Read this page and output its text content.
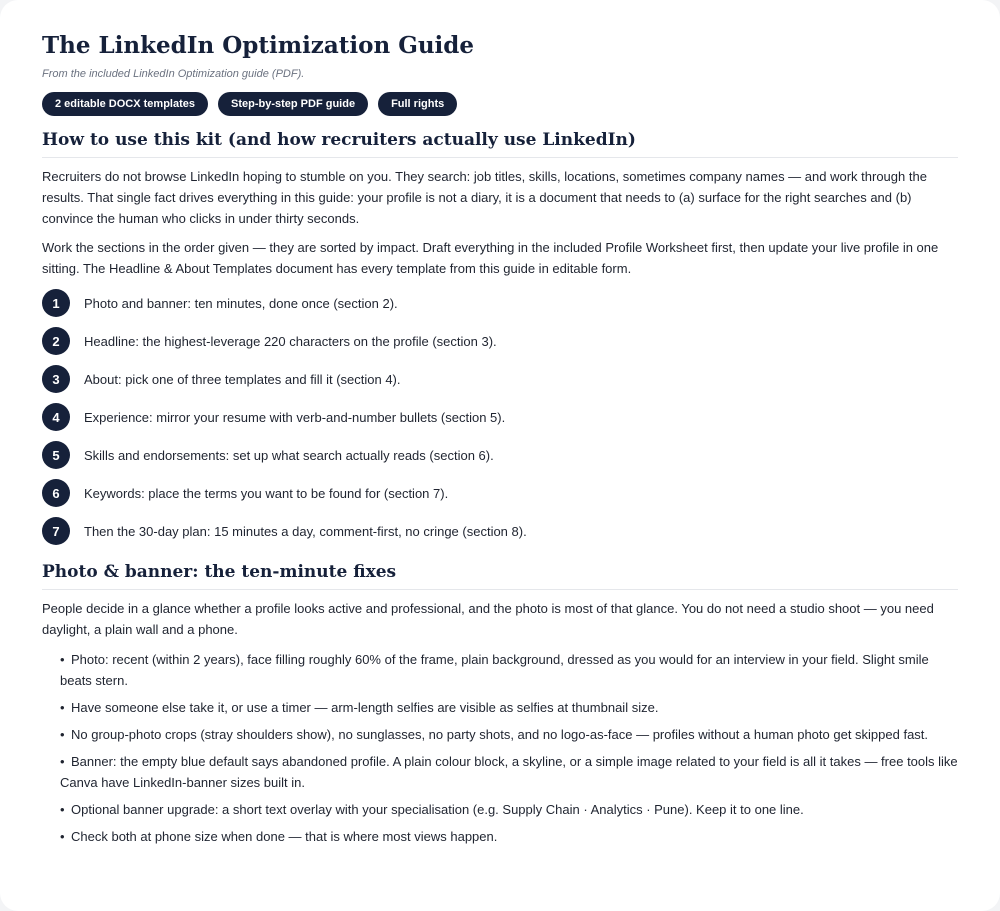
The LinkedIn Optimization Guide
From the included LinkedIn Optimization guide (PDF).
2 editable DOCX templates	Step-by-step PDF guide	Full rights
How to use this kit (and how recruiters actually use LinkedIn)

Recruiters do not browse LinkedIn hoping to stumble on you. They search: job titles, skills, locations, sometimes company names — and work through the results. That single fact drives everything in this guide: your profile is not a diary, it is a document that needs to (a) surface for the right searches and (b) convince the human who clicks in under thirty seconds.

Work the sections in the order given — they are sorted by impact. Draft everything in the included Profile Worksheet first, then update your live profile in one sitting. The Headline & About Templates document has every template from this guide in editable form.

1	Photo and banner: ten minutes, done once (section 2).
2	Headline: the highest-leverage 220 characters on the profile (section 3).
3	About: pick one of three templates and fill it (section 4).
4	Experience: mirror your resume with verb-and-number bullets (section 5).
5	Skills and endorsements: set up what search actually reads (section 6).
6	Keywords: place the terms you want to be found for (section 7).
7	Then the 30-day plan: 15 minutes a day, comment-first, no cringe (section 8).
Photo & banner: the ten-minute fixes

People decide in a glance whether a profile looks active and professional, and the photo is most of that glance. You do not need a studio shoot — you need daylight, a plain wall and a phone.

• Photo: recent (within 2 years), face filling roughly 60% of the frame, plain background, dressed as you would for an interview in your field. Slight smile beats stern.
• Have someone else take it, or use a timer — arm-length selfies are visible as selfies at thumbnail size.
• No group-photo crops (stray shoulders show), no sunglasses, no party shots, and no logo-as-face — profiles without a human photo get skipped fast.
• Banner: the empty blue default says abandoned profile. A plain colour block, a skyline, or a simple image related to your field is all it takes — free tools like Canva have LinkedIn-banner sizes built in.
• Optional banner upgrade: a short text overlay with your specialisation (e.g. Supply Chain · Analytics · Pune). Keep it to one line.
• Check both at phone size when done — that is where most views happen.
